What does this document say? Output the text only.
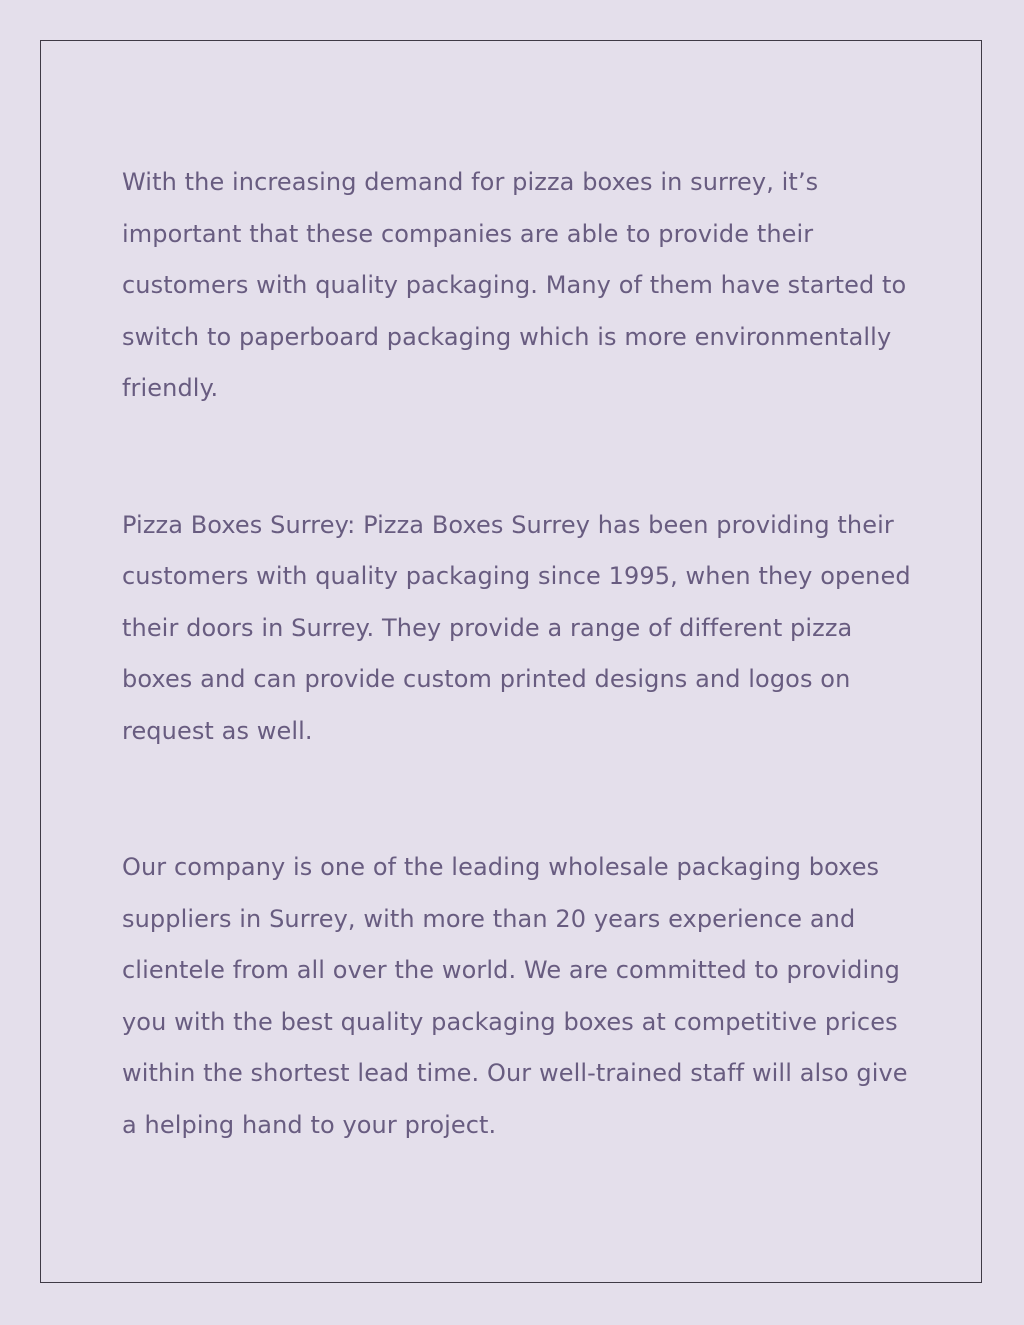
With the increasing demand for pizza boxes in surrey, it’s important that these companies are able to provide their customers with quality packaging. Many of them have started to switch to paperboard packaging which is more environmentally friendly.

Pizza Boxes Surrey: Pizza Boxes Surrey has been providing their customers with quality packaging since 1995, when they opened their doors in Surrey. They provide a range of different pizza boxes and can provide custom printed designs and logos on request as well.

Our company is one of the leading wholesale packaging boxes suppliers in Surrey, with more than 20 years experience and clientele from all over the world. We are committed to providing you with the best quality packaging boxes at competitive prices within the shortest lead time. Our well-trained staff will also give a helping hand to your project.
